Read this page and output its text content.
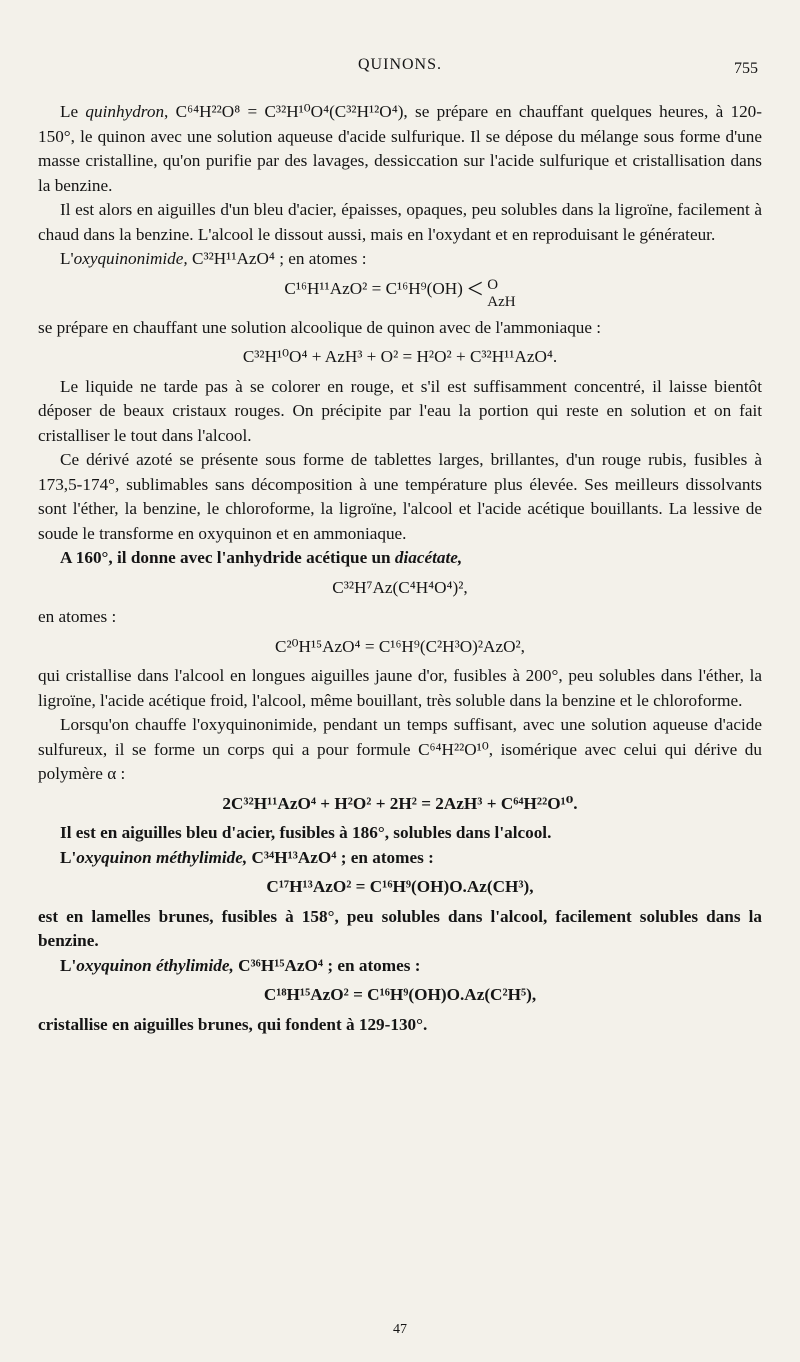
QUINONS.	755

Le quinhydron, C⁶⁴H²²O⁸ = C³²H¹⁰O⁴(C³²H¹²O⁴), se prépare en chauffant quelques heures, à 120-150°, le quinon avec une solution aqueuse d'acide sulfurique. Il se dépose du mélange sous forme d'une masse cristalline, qu'on purifie par des lavages, dessiccation sur l'acide sulfurique et cristallisation dans la benzine.

Il est alors en aiguilles d'un bleu d'acier, épaisses, opaques, peu solubles dans la ligroïne, facilement à chaud dans la benzine. L'alcool le dissout aussi, mais en l'oxydant et en reproduisant le générateur.

L'oxyquinonimide, C³²H¹¹AzO⁴ ; en atomes :

C¹⁶H¹¹AzO² = C¹⁶H⁹(OH) < O
AzH

se prépare en chauffant une solution alcoolique de quinon avec de l'ammoniaque :

C³²H¹⁰O⁴ + AzH³ + O² = H²O² + C³²H¹¹AzO⁴.

Le liquide ne tarde pas à se colorer en rouge, et s'il est suffisamment concentré, il laisse bientôt déposer de beaux cristaux rouges. On précipite par l'eau la portion qui reste en solution et on fait cristalliser le tout dans l'alcool.

Ce dérivé azoté se présente sous forme de tablettes larges, brillantes, d'un rouge rubis, fusibles à 173,5-174°, sublimables sans décomposition à une température plus élevée. Ses meilleurs dissolvants sont l'éther, la benzine, le chloroforme, la ligroïne, l'alcool et l'acide acétique bouillants. La lessive de soude le transforme en oxyquinon et en ammoniaque.

A 160°, il donne avec l'anhydride acétique un diacétate,

C³²H⁷Az(C⁴H⁴O⁴)²,

en atomes :

C²⁰H¹⁵AzO⁴ = C¹⁶H⁹(C²H³O)²AzO²,

qui cristallise dans l'alcool en longues aiguilles jaune d'or, fusibles à 200°, peu solubles dans l'éther, la ligroïne, l'acide acétique froid, l'alcool, même bouillant, très soluble dans la benzine et le chloroforme.

Lorsqu'on chauffe l'oxyquinonimide, pendant un temps suffisant, avec une solution aqueuse d'acide sulfureux, il se forme un corps qui a pour formule C⁶⁴H²²O¹⁰, isomérique avec celui qui dérive du polymère α :

2C³²H¹¹AzO⁴ + H²O² + 2H² = 2AzH³ + C⁶⁴H²²O¹⁰.

Il est en aiguilles bleu d'acier, fusibles à 186°, solubles dans l'alcool.

L'oxyquinon méthylimide, C³⁴H¹³AzO⁴ ; en atomes :

C¹⁷H¹³AzO² = C¹⁶H⁹(OH)O.Az(CH³),

est en lamelles brunes, fusibles à 158°, peu solubles dans l'alcool, facilement solubles dans la benzine.

L'oxyquinon éthylimide, C³⁶H¹⁵AzO⁴ ; en atomes :

C¹⁸H¹⁵AzO² = C¹⁶H⁹(OH)O.Az(C²H⁵),

cristallise en aiguilles brunes, qui fondent à 129-130°.

47
